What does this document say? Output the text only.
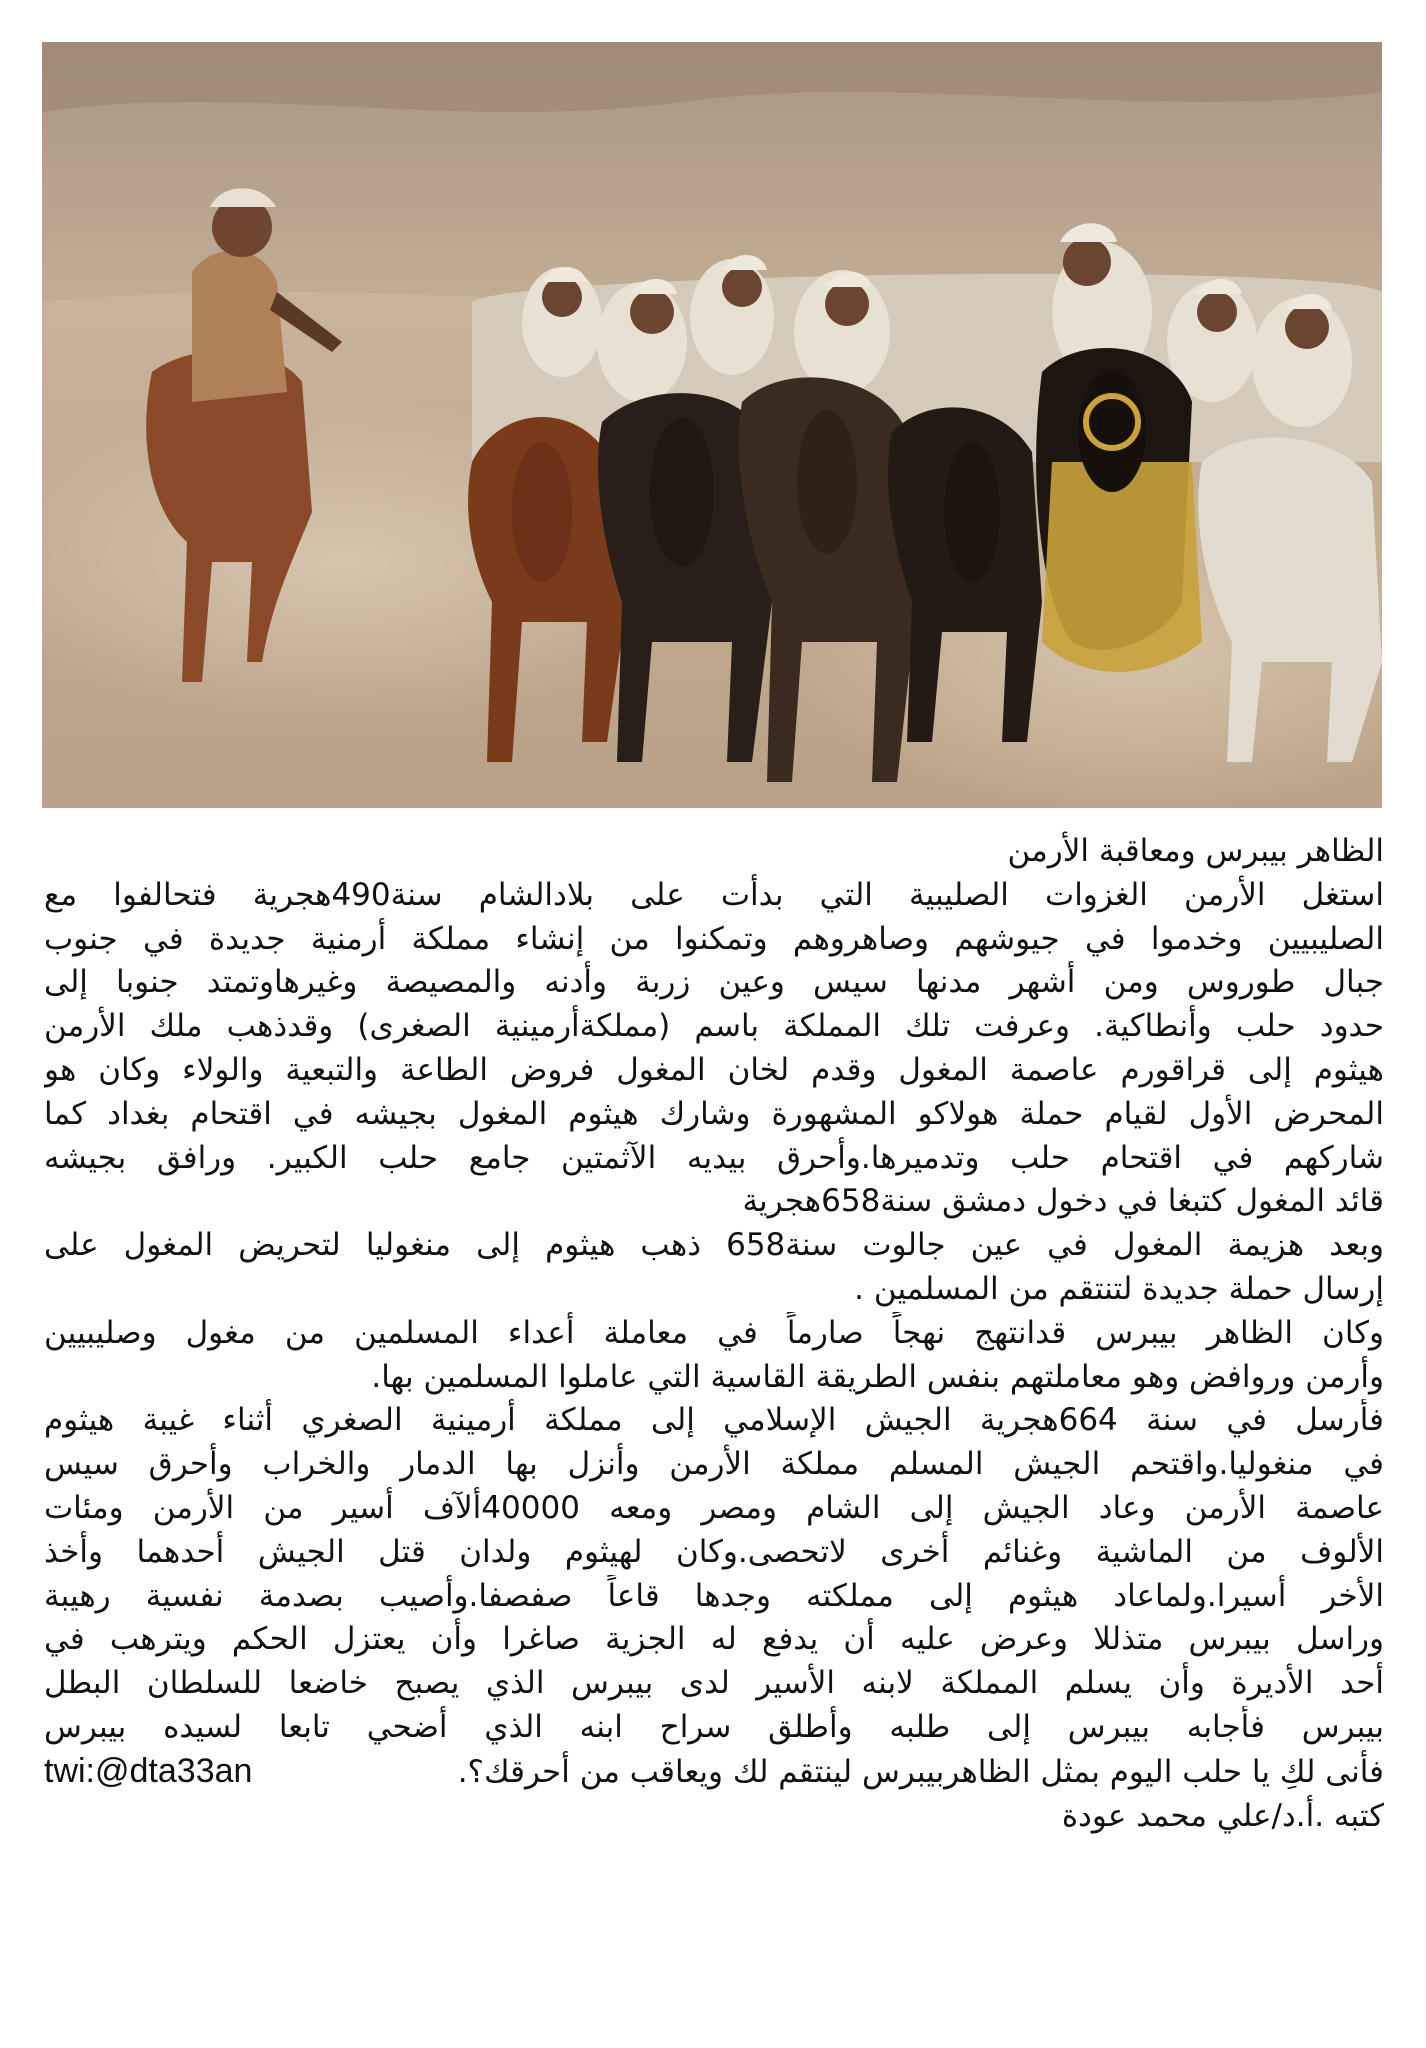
الظاهر بيبرس ومعاقبة الأرمن
استغل الأرمن الغزوات الصليبية التي بدأت على بلادالشام سنة490هجرية فتحالفوا مع
الصليبيين وخدموا في جيوشهم وصاهروهم وتمكنوا من إنشاء مملكة أرمنية جديدة في جنوب
جبال طوروس ومن أشهر مدنها سيس وعين زربة وأدنه والمصيصة وغيرهاوتمتد جنوبا إلى
حدود حلب وأنطاكية. وعرفت تلك المملكة باسم (مملكةأرمينية الصغرى) وقدذهب ملك الأرمن
هيثوم إلى قراقورم عاصمة المغول وقدم لخان المغول فروض الطاعة والتبعية والولاء وكان هو
المحرض الأول لقيام حملة هولاكو المشهورة وشارك هيثوم المغول بجيشه في اقتحام بغداد كما
شاركهم في اقتحام حلب وتدميرها.وأحرق بيديه الآثمتين جامع حلب الكبير. ورافق بجيشه
قائد المغول كتبغا في دخول دمشق سنة658هجرية
وبعد هزيمة المغول في عين جالوت سنة658 ذهب هيثوم إلى منغوليا لتحريض المغول على
إرسال حملة جديدة لتنتقم من المسلمين .
وكان الظاهر بيبرس قدانتهج نهجاً صارماً في معاملة أعداء المسلمين من مغول وصليبيين
وأرمن وروافض وهو معاملتهم بنفس الطريقة القاسية التي عاملوا المسلمين بها.
فأرسل في سنة 664هجرية الجيش الإسلامي إلى مملكة أرمينية الصغري أثناء غيبة هيثوم
في منغوليا.واقتحم الجيش المسلم مملكة الأرمن وأنزل بها الدمار والخراب وأحرق سيس
عاصمة الأرمن وعاد الجيش إلى الشام ومصر ومعه 40000ألآف أسير من الأرمن ومئات
الألوف من الماشية وغنائم أخرى لاتحصى.وكان لهيثوم ولدان قتل الجيش أحدهما وأخذ
الأخر أسيرا.ولماعاد هيثوم إلى مملكته وجدها قاعاً صفصفا.وأصيب بصدمة نفسية رهيبة
وراسل بيبرس متذللا وعرض عليه أن يدفع له الجزية صاغرا وأن يعتزل الحكم ويترهب في
أحد الأديرة وأن يسلم المملكة لابنه الأسير لدى بيبرس الذي يصبح خاضعا للسلطان البطل
بيبرس فأجابه بيبرس إلى طلبه وأطلق سراح ابنه الذي أضحي تابعا لسيده بيبرس
فأنى لكِ يا حلب اليوم بمثل الظاهربيبرس لينتقم لك ويعاقب من أحرقك؟.
twi:@dta33an
كتبه .أ.د/علي محمد عودة
